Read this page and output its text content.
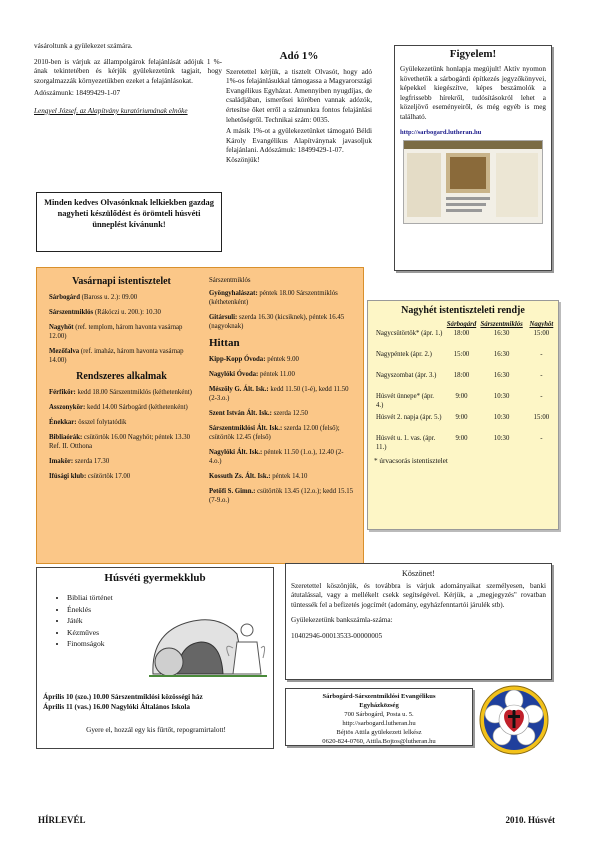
vásároltunk a gyülekezet számára.

2010-ben is várjuk az állampolgárok felajánlását adójuk 1 %-ának tekintetében és kérjük gyülekezetünk tagjait, hogy szorgalmazzák környezetükben ezeket a felajánlásokat.

Adószámunk: 18499429-1-07

Lengyel József, az Alapítvány kuratóriumának elnöke

Minden kedves Olvasónknak lelkiekben gazdag nagyheti készülődést és örömteli húsvéti ünneplést kívánunk!
Adó 1%

Szeretettel kérjük, a tisztelt Olvasót, hogy adó 1%-os felajánlásukkal támogassa a Magyarországi Evangélikus Egyházat. Amennyiben nyugdíjas, de családjában, ismerősei körében vannak adózók, értesítse őket erről a számunkra fontos felajánlási lehetőségről. Technikai szám: 0035.

A másik 1%-ot a gyülekezetünket támogató Béldi Károly Evangélikus Alapítványnak javasoljuk felajánlani. Adószámuk: 18499429-1-07.

Köszönjük!

Figyelem!
Gyülekezetünk honlapja megújult! Aktív nyomon követhetők a sárbogárdi építkezés jegyzőkönyvei, képekkel kiegészítve, képes beszámolók a legfrissebb hírekről, tudósításokról lehet a közeljövő eseményeiről, és még egyéb is meg található.
http://sarbogard.lutheran.hu
Vasárnapi istentisztelet
Sárbogárd (Baross u. 2.): 09.00
Sárszentmiklós (Rákóczi u. 200.): 10.30
Nagyhöt (ref. templom, három havonta vasárnap 12.00)
Mezőfalva (ref. imaház, három havonta vasárnap 14.00)
Rendszeres alkalmak
Férfikör: kedd 18.00 Sárszentmiklós (kéthetenként)
Asszonykör: kedd 14.00 Sárbogárd (kéthetenként)
Énekkar: összel folytatódik
Bibliaórák: csütörtök 16.00 Nagyhöt; péntek 13.30 Ref. II. Otthona
Imakör: szerda 17.30
Ifúsági klub: csütörtök 17.00
Sárszentmiklós
Gyöngyhalászat: péntek 18.00 Sárszentmiklós (kéthetenként)
Gitársuli: szerda 16.30 (kicsiknek), péntek 16.45 (nagyoknak)
Hittan
Kipp-Kopp Óvoda: péntek 9.00
Nagylóki Óvoda: péntek 11.00
Mészöly G. Ált. Isk.: kedd 11.50 (1-é), kedd 11.50 (2-3.o.)
Szent István Ált. Isk.: szerda 12.50
Sárszentmiklósi Ált. Isk.: szerda 12.00 (felső); csütörtök 12.45 (felső)
Nagylóki Ált. Isk.: péntek 11.50 (1.o.), 12.40 (2-4.o.)
Kossuth Zs. Ált. Isk.: péntek 14.10
Petőfi S. Gimn.: csütörtök 13.45 (12.o.); kedd 15.15 (7-9.o.)
Nagyhét istentiszteleti rendje
	Sárbogárd	Sárszentmiklós	Nagyhöt
Nagycsütörtök* (ápr. 1.)	18:00	16:30	15:00
Nagypéntek (ápr. 2.)	15:00	16:30	-
Nagyszombat (ápr. 3.)	18:00	16:30	-
Húsvét ünnepe* (ápr. 4.)	9:00	10:30	-
Húsvét 2. napja (ápr. 5.)	9:00	10:30	15:00
Húsvét u. 1. vas. (ápr. 11.)	9:00	10:30	-
* úrvacsorás istentisztelet
Húsvéti gyermekklub
• Bibliai történet
• Éneklés
• Játék
• Kézműves
• Finomságok
Április 10 (szo.) 10.00 Sárszentmiklósi közösségi ház
Április 11 (vas.) 16.00 Nagylóki Általános Iskola
Gyere el, hozzál egy kis fűrtőt, repogramirtalott!
Köszönet!

Szeretettel köszönjük, és továbbra is várjuk adományaikat személyesen, banki átutalással, vagy a mellékelt csekk segítségével. Kérjük, a „megjegyzés" rovatban tüntessék fel a befizetés jogcímét (adomány, egyházfenntartói járulék stb).

Gyülekezetünk bankszámla-száma:

10402946-00013533-00000005

Sárbogárd-Sárszentmiklósi Evangélikus
Egyházközség
700 Sárbogárd, Posta u. 5.
http://sarbogard.lutheran.hu
Béjtös Attila gyülekezeti lelkész
0620-824-0760, Attila.Bojtos@lutheran.hu
HÍRLEVÉL	2010. Húsvét
